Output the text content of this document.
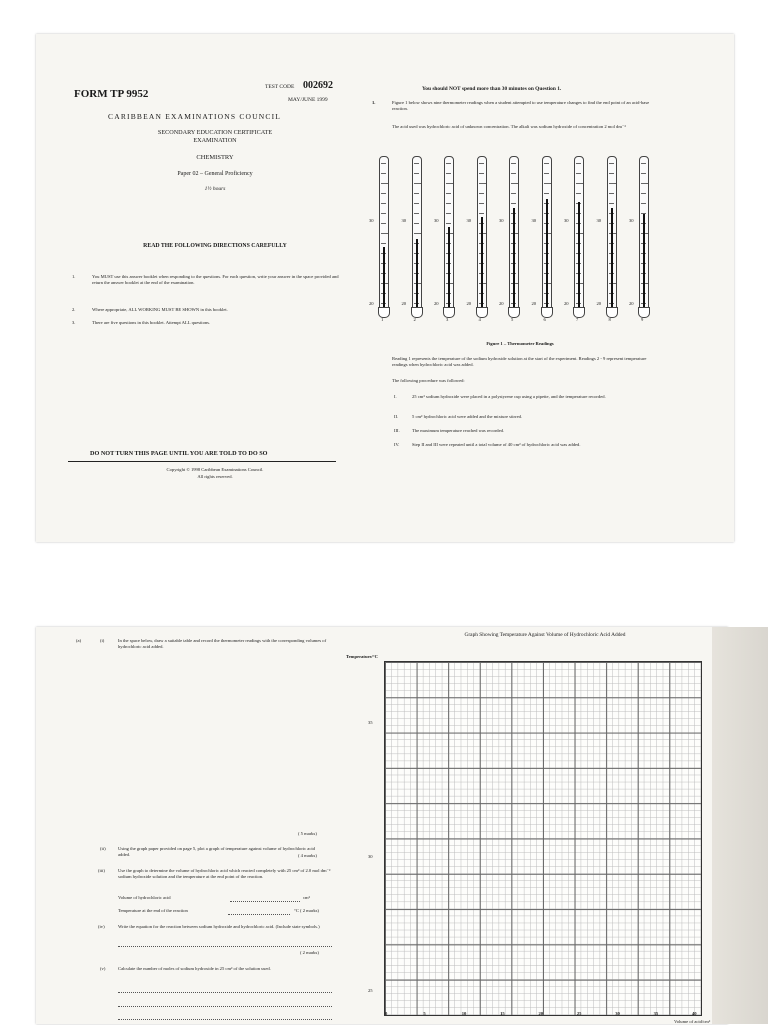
FORM TP 9952
TEST CODE 002692
MAY/JUNE 1999
CARIBBEAN EXAMINATIONS COUNCIL
SECONDARY EDUCATION CERTIFICATE
EXAMINATION
CHEMISTRY
Paper 02 – General Proficiency
1½ hours
READ THE FOLLOWING DIRECTIONS CAREFULLY
1.	You MUST use this answer booklet when responding to the questions. For each question, write your answer in the space provided and return the answer booklet at the end of the examination.
2.	Where appropriate, ALL WORKING MUST BE SHOWN in this booklet.
3.	There are five questions in this booklet. Attempt ALL questions.
DO NOT TURN THIS PAGE UNTIL YOU ARE TOLD TO DO SO
Copyright © 1998 Caribbean Examinations Council.
All rights reserved.
You should NOT spend more than 30 minutes on Question 1.
1.	Figure 1 below shows nine thermometer readings when a student attempted to use temperature changes to find the end point of an acid-base reaction.
The acid used was hydrochloric acid of unknown concentration. The alkali was sodium hydroxide of concentration 2 mol dm⁻³
30
20
1
30
20
2
30
20
3
30
20
4
30
20
5
30
20
6
30
20
7
30
20
8
30
20
9
Figure 1 – Thermometer Readings
Reading 1 represents the temperature of the sodium hydroxide solution at the start of the experiment. Readings 2 - 9 represent temperature readings when hydrochloric acid was added.
The following procedure was followed:
I.	25 cm³ sodium hydroxide were placed in a polystyrene cup using a pipette, and the temperature recorded.
II.	5 cm³ hydrochloric acid were added and the mixture stirred.
III.	The maximum temperature reached was recorded.
IV.	Step II and III were repeated until a total volume of 40 cm³ of hydrochloric acid was added.
(a)	(i)	In the space below, draw a suitable table and record the thermometer readings with the corresponding volumes of hydrochloric acid added.
( 5 marks)
(ii)	Using the graph paper provided on page 5, plot a graph of temperature against volume of hydrochloric acid added.	( 4 marks)
(iii)	Use the graph to determine the volume of hydrochloric acid which reacted completely with 25 cm³ of 2.0 mol dm⁻³ sodium hydroxide solution and the temperature at the end point of the reaction.
Volume of hydrochloric acid	cm³
Temperature at the end of the reaction	°C ( 2 marks)
(iv)	Write the equation for the reaction between sodium hydroxide and hydrochloric acid. (Include state symbols.)
( 2 marks)
(v)	Calculate the number of moles of sodium hydroxide in 25 cm³ of the solution used.
Graph Showing Temperature Against Volume of Hydrochloric Acid Added
Temperature/°C
35
30
25
0	5	10	15	20	25	30	35	40
Volume of acid/cm³
